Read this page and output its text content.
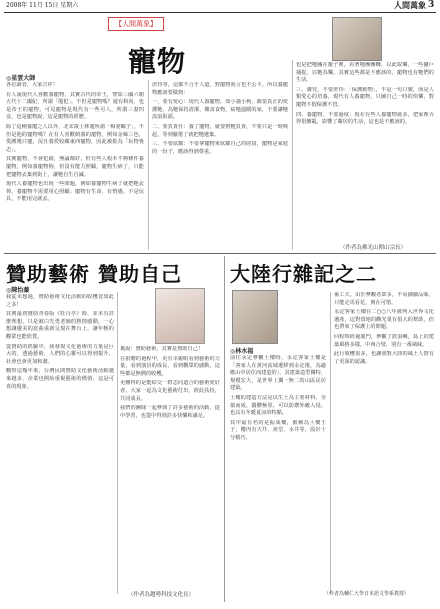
2008年 11月 15日 星期六	人間萬象 3
【人間萬象】
寵物
◎星雲大師

各位讀者，大家吉祥！

有人說現代人喜歡養寵物，其實古代的帝王，譬如三國六朝五代十二國紀，所謂「龍犯」，不但是寵物嗎？還有和尚，也是帝王的寵物，可見寵物是現代有一些另人，所謂三妻四妾，也是寵物說，這是寵物的經歷。

除了這種養寵之人以外，北宋歲士林逋所謂「梅妻鶴子」，不但是他的寵物嗎？在有人喜歡飼養的寵物，例如金絲三色，愛護幾只寵，況且養愛收藏東西寵物，因此被批為「玩物喪志」。

其實寵物，不會犯錯，無論都好，但有些人根本不夠條件養寵物，例如養寵物狗，但沒有能力照顧，寵物生病了，只能把寵物丟棄到街上，讓牠自生自滅。

現代人養寵物也出現一些問題，例如養寵物生病了就把牠丟掉，養寵物不需要用心照顧；寵物有生命、有情感，不是玩具，不能用完就丟。

虐待等，這都不合乎人道，對寵物而言也不公平。所以養寵物應該要做到：

一、要有愛心：現代人養寵物，如小貓小狗，都要真正的愛護牠，為牠保持清潔、餵食食物，給牠溫暖的家，不要讓牠流浪街頭。

二、要負責任：養了寵物，就要對牠負責，不要只是一時興起，等到厭倦了就把牠遺棄。

三、不要炫耀：不要拿寵物來炫耀自己的財富，寵物是家庭的一份子，應該得到尊重。

也是把牠關在籠子裡，看著牠團團轉，以此取樂，一些獵戶捕捉，以牠為樂，其實這些都是不應該的，寵物也有牠們的生活。

三、講究，不要虐待：「保護動物」，不是一句口號，而是人類愛心的培養，現代有人養寵物，只圖自己一時的快樂，對寵物不假保護不管。

四、養寵物，不要過度：現在有些人養寵物過多，把家裡弄得很髒亂，影響了鄰居的生活，這也是不應該的。

（作者為佛光山開山宗長）
贊助藝術 贊助自己
◎陳怡蓁

我從未想過，贊助藝術文化活動的收穫竟如此之多！

其實最初贊助青春版《牡丹亭》時，並未有甚麼理想，只是被白先勇老師的熱情感動，一心想讓優美的崑曲重新呈現在舞台上，讓年輕的觀眾也能欣賞。

從贊助的經驗中，我發現文化藝術的力量是巨大的，透過藝術，人們的心靈可以得到提升，社會也會更加和諧。

觀察這幾年來，台灣民間贊助文化藝術活動越來越多，企業也開始重視藝術的價值，這是可喜的現象。

裏說：贊助藝術，其實是贊助自己！

在捐贈的過程中，更有幸親眼看到藝術的力量，看到演員的成長，看到觀眾的感動，這些都是無價的收穫。

更難得的是能結交一群志同道合的藝術愛好者，大家一起為文化藝術付出，彼此扶持，共同成長。

我們的團隊一起參與了許多藝術的活動，從中學習，也從中得到許多快樂和滿足。

（作者為趨勢科技文化長）
大陸行雜記之二
◎林水福

前往永定參觀土樓時，永定客家土樓是「客家人在黃河流域遷移到永定後，為適應山中居住而建造的」，其建築造型獨特，規模宏大，是世界上獨一無二的山區民居建築。

土樓的建造方法是以生土為主要材料，夯築而成，牆體極厚，可以防禦外敵入侵，也具有冬暖夏涼的特點。

其中最有名的是振成樓，被稱為土樓王子，樓內有天井、祖堂、水井等，設計十分精巧。

番工夫。由於參觀者眾多，不易細細品味，只能走馬看花，實在可惜。

永定客家土樓在二○○八年被列入世界文化遺產，這對當地的觀光業有很大的幫助，但也帶來了保護上的問題。

回程時經過廈門，參觀了鼓浪嶼，島上的建築風格多樣，中西合璧，別有一番風味。

此行收穫很多，也讓我對大陸的風土人情有了更深的認識。

（作者為輔仁大學日本語文學系教授）
